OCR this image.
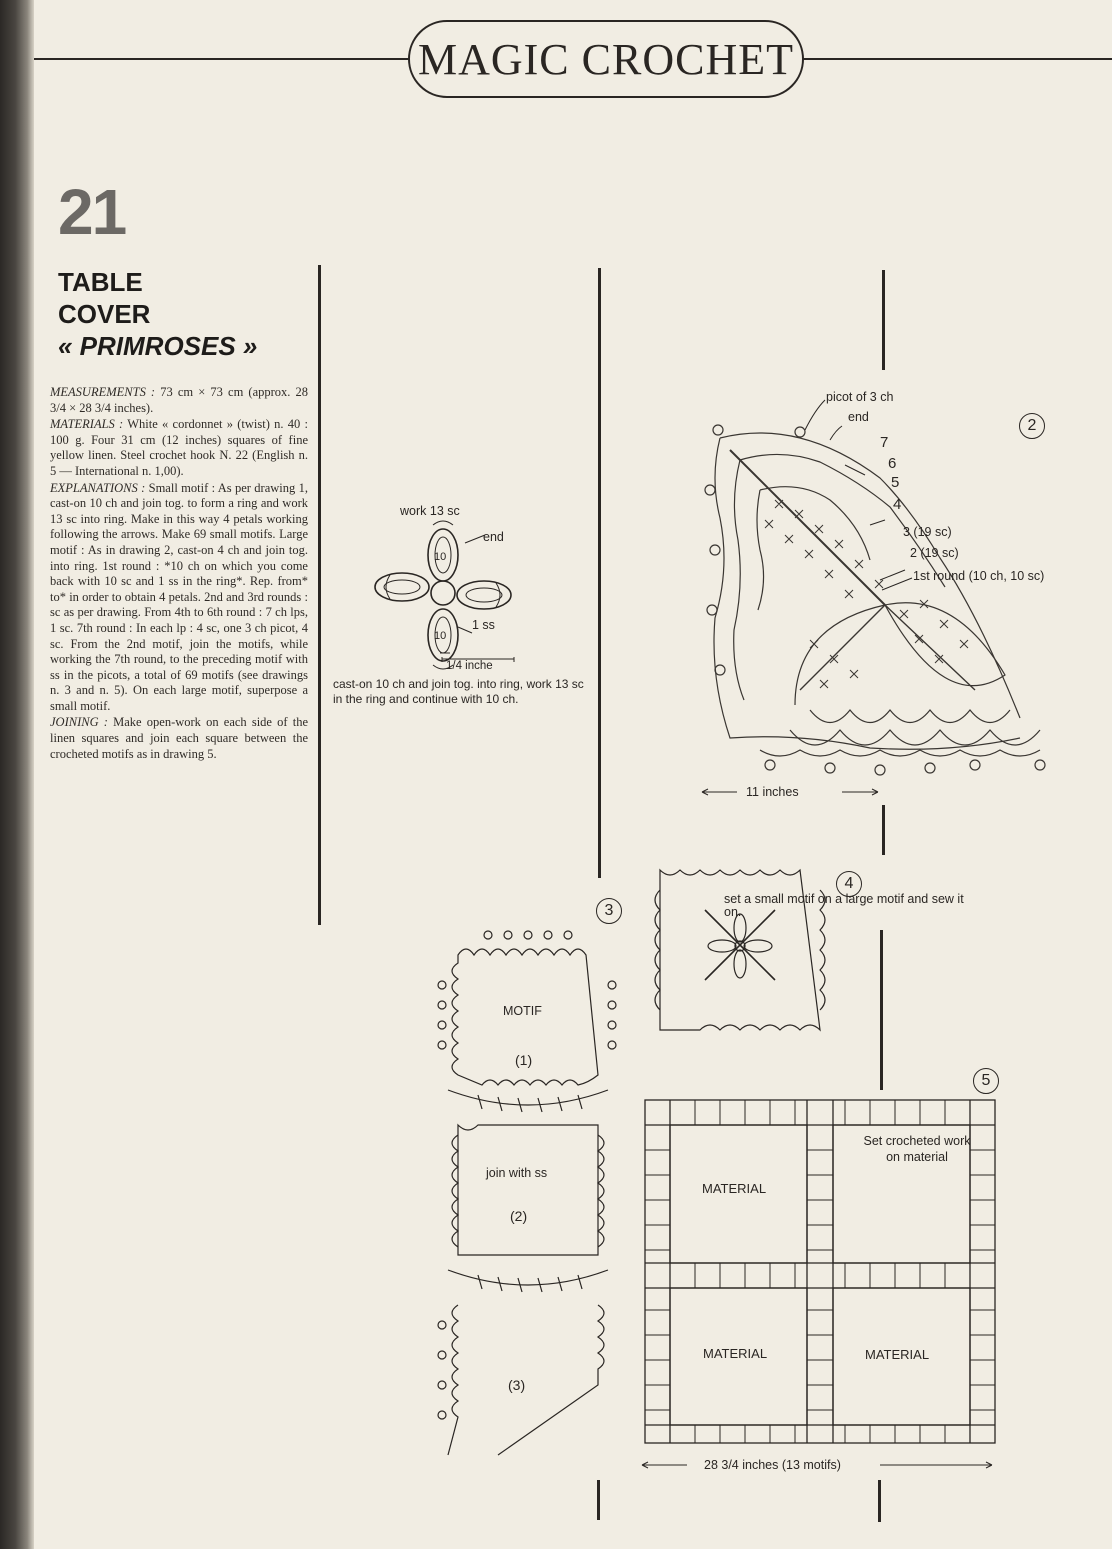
MAGIC CROCHET
21
TABLE
COVER
« PRIMROSES »

MEASUREMENTS : 73 cm × 73 cm (approx. 28 3/4 × 28 3/4 inches).

MATERIALS : White « cordonnet » (twist) n. 40 : 100 g. Four 31 cm (12 inches) squares of fine yellow linen. Steel crochet hook N. 22 (English n. 5 — International n. 1,00).

EXPLANATIONS : Small motif : As per drawing 1, cast-on 10 ch and join tog. to form a ring and work 13 sc into ring. Make in this way 4 petals working following the arrows. Make 69 small motifs. Large motif : As in drawing 2, cast-on 4 ch and join tog. into ring. 1st round : *10 ch on which you come back with 10 sc and 1 ss in the ring*. Rep. from* to* in order to obtain 4 petals. 2nd and 3rd rounds : sc as per drawing. From 4th to 6th round : 7 ch lps, 1 sc. 7th round : In each lp : 4 sc, one 3 ch picot, 4 sc. From the 2nd motif, join the motifs, while working the 7th round, to the preceding motif with ss in the picots, a total of 69 motifs (see drawings n. 3 and n. 5). On each large motif, superpose a small motif.

JOINING : Make open-work on each side of the linen squares and join each square between the crocheted motifs as in drawing 5.

10
10
work 13 sc
end
1 ss
1/4 inche
cast-on 10 ch and join tog. into ring, work 13 sc in the ring and continue with 10 ch.
2
picot of 3 ch
end
7
6
5
4
3 (19 sc)
2 (19 sc)
1st round (10 ch, 10 sc)
11 inches
3
MOTIF
(1)
join with ss
(2)
(3)
4
set a small motif on a large motif and sew it on.
5
Set crocheted work on material
MATERIAL
MATERIAL	MATERIAL
28 3/4 inches (13 motifs)
